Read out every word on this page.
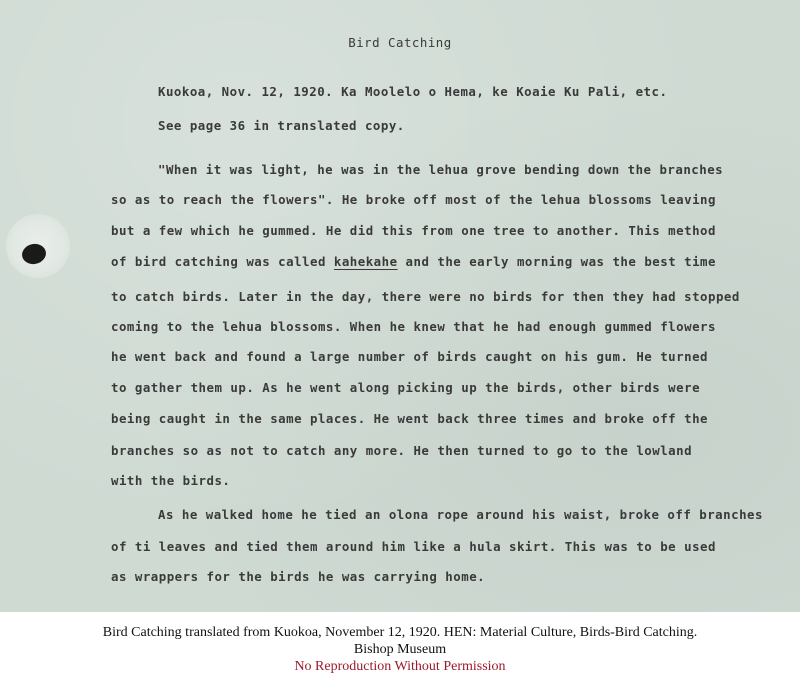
Bird Catching
Kuokoa, Nov. 12, 1920. Ka Moolelo o Hema, ke Koaie Ku Pali, etc.
See page 36 in translated copy.
"When it was light, he was in the lehua grove bending down the branches
so as to reach the flowers". He broke off most of the lehua blossoms leaving
but a few which he gummed. He did this from one tree to another. This method
of bird catching was called kahekahe and the early morning was the best time
to catch birds. Later in the day, there were no birds for then they had stopped
coming to the lehua blossoms. When he knew that he had enough gummed flowers
he went back and found a large number of birds caught on his gum. He turned
to gather them up. As he went along picking up the birds, other birds were
being caught in the same places. He went back three times and broke off the
branches so as not to catch any more. He then turned to go to the lowland
with the birds.
As he walked home he tied an olona rope around his waist, broke off branches
of ti leaves and tied them around him like a hula skirt. This was to be used
as wrappers for the birds he was carrying home.
Bird Catching translated from Kuokoa, November 12, 1920. HEN: Material Culture, Birds-Bird Catching.
Bishop Museum
No Reproduction Without Permission
